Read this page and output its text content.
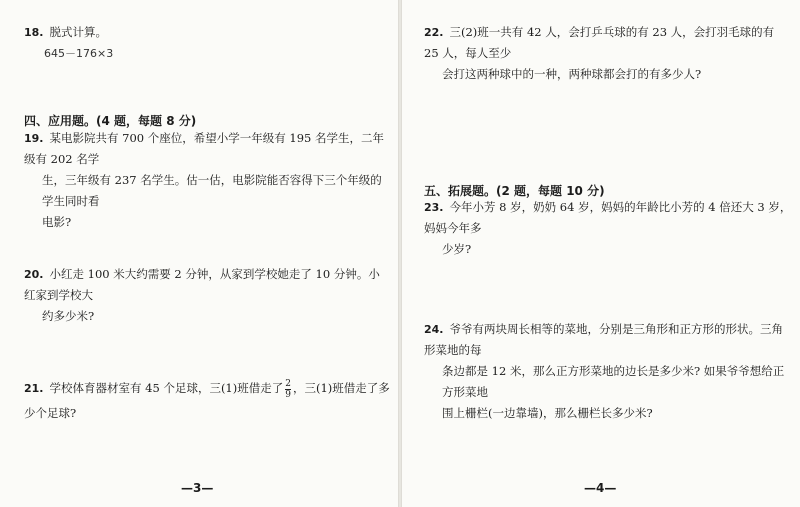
18. 脱式计算。
645－176×3
四、应用题。(4 题，每题 8 分)
19. 某电影院共有 700 个座位，希望小学一年级有 195 名学生，二年级有 202 名学
生，三年级有 237 名学生。估一估，电影院能否容得下三个年级的学生同时看
电影?
20. 小红走 100 米大约需要 2 分钟，从家到学校她走了 10 分钟。小红家到学校大
约多少米?
21. 学校体育器材室有 45 个足球，三(1)班借走了 $\frac{2}{9}$ ，三(1)班借走了多少个足球?
—3—
22. 三(2)班一共有 42 人，会打乒乓球的有 23 人，会打羽毛球的有 25 人，每人至少
会打这两种球中的一种，两种球都会打的有多少人?
五、拓展题。(2 题，每题 10 分)
23. 今年小芳 8 岁，奶奶 64 岁，妈妈的年龄比小芳的 4 倍还大 3 岁，妈妈今年多
少岁?
24. 爷爷有两块周长相等的菜地，分别是三角形和正方形的形状。三角形菜地的每
条边都是 12 米，那么正方形菜地的边长是多少米? 如果爷爷想给正方形菜地
围上栅栏(一边靠墙)，那么栅栏长多少米?
—4—
